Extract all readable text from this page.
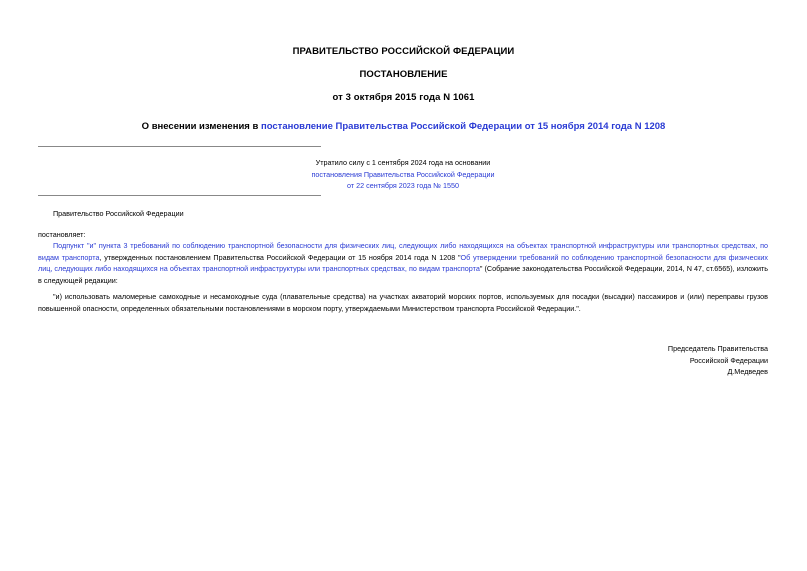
ПРАВИТЕЛЬСТВО РОССИЙСКОЙ ФЕДЕРАЦИИ
ПОСТАНОВЛЕНИЕ
от 3 октября 2015 года N 1061
О внесении изменения в постановление Правительства Российской Федерации от 15 ноября 2014 года N 1208
Утратило силу с 1 сентября 2024 года на основании
постановления Правительства Российской Федерации
от 22 сентября 2023 года № 1550
Правительство Российской Федерации
постановляет:
Подпункт "и" пункта 3 требований по соблюдению транспортной безопасности для физических лиц, следующих либо находящихся на объектах транспортной инфраструктуры или транспортных средствах, по видам транспорта, утвержденных постановлением Правительства Российской Федерации от 15 ноября 2014 года N 1208 "Об утверждении требований по соблюдению транспортной безопасности для физических лиц, следующих либо находящихся на объектах транспортной инфраструктуры или транспортных средствах, по видам транспорта" (Собрание законодательства Российской Федерации, 2014, N 47, ст.6565), изложить в следующей редакции:
"и) использовать маломерные самоходные и несамоходные суда (плавательные средства) на участках акваторий морских портов, используемых для посадки (высадки) пассажиров и (или) переправы грузов повышенной опасности, определенных обязательными постановлениями в морском порту, утверждаемыми Министерством транспорта Российской Федерации.".
Председатель Правительства
Российской Федерации
Д.Медведев
